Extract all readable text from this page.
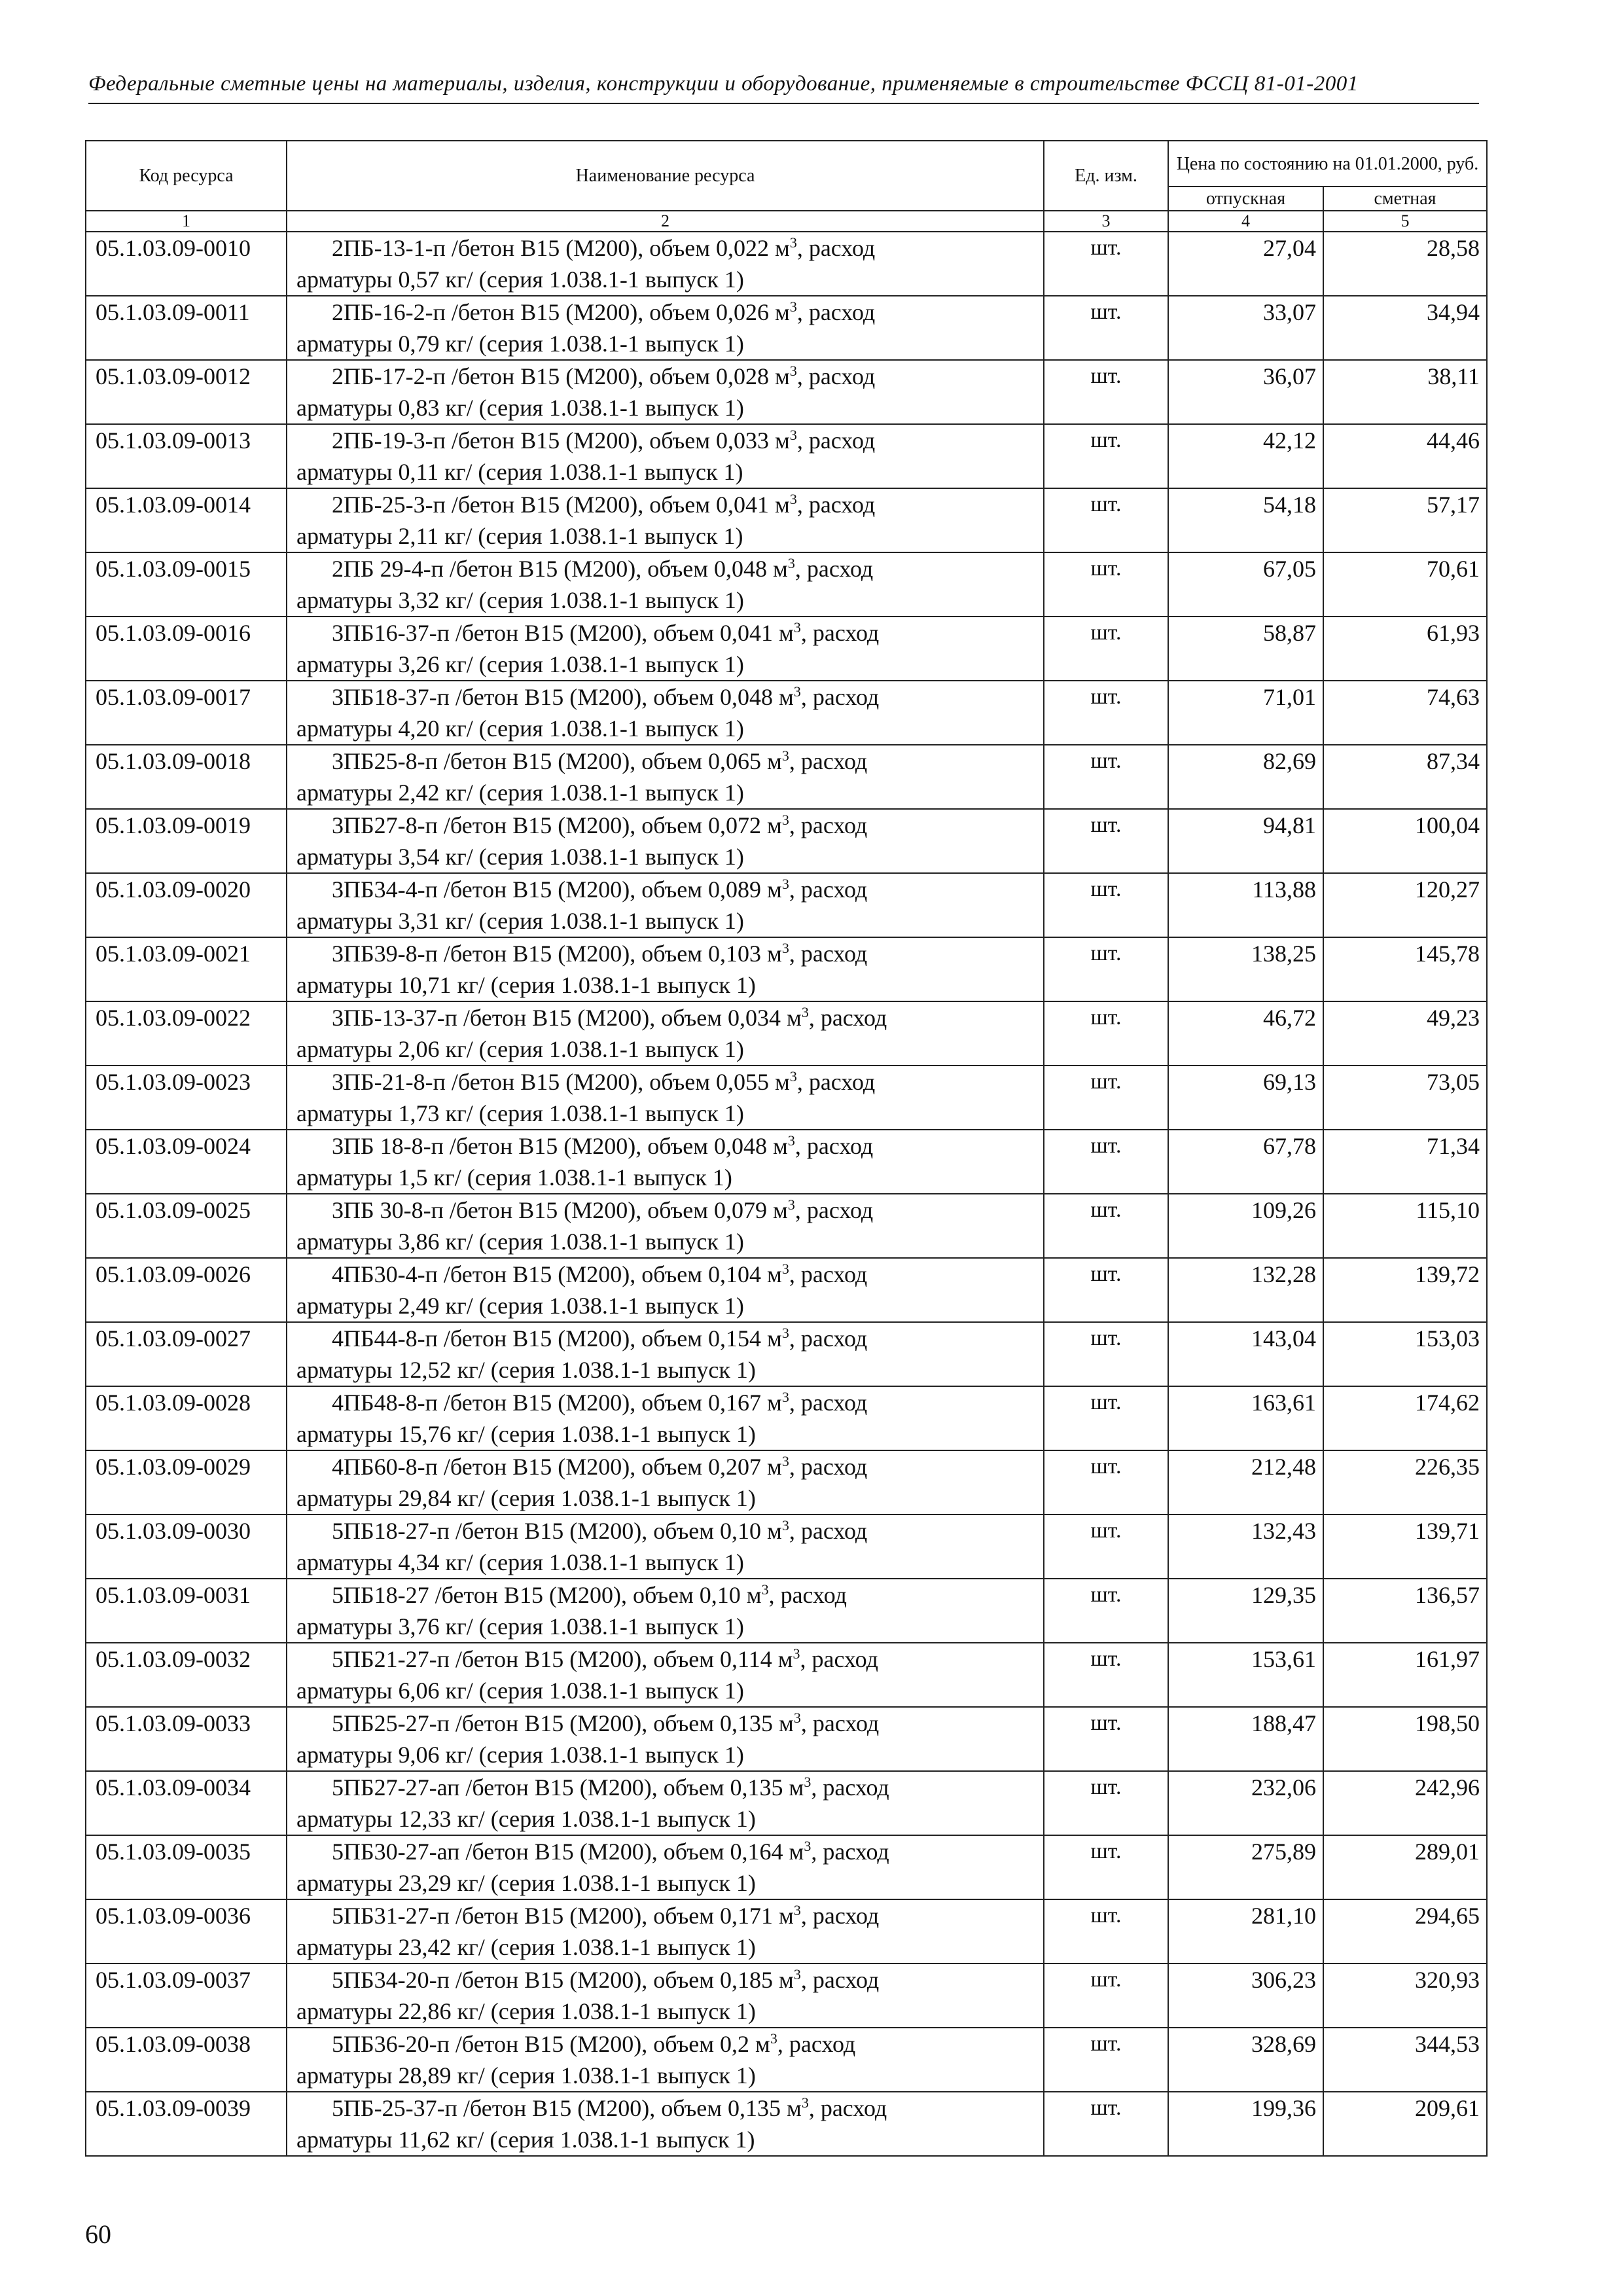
Федеральные сметные цены на материалы, изделия, конструкции и оборудование, применяемые в строительстве ФССЦ 81-01-2001
Код ресурса	Наименование ресурса	Ед. изм.	Цена по состоянию на 01.01.2000, руб.	
			отпускная	сметная
1	2	3	4	5
05.1.03.09-0010	2ПБ-13-1-п /бетон В15 (М200), объем 0,022 $м^3$, расход
арматуры 0,57 кг/ (серия 1.038.1-1 выпуск 1)	шт.	27,04	28,58
05.1.03.09-0011	2ПБ-16-2-п /бетон В15 (М200), объем 0,026 $м^3$, расход
арматуры 0,79 кг/ (серия 1.038.1-1 выпуск 1)	шт.	33,07	34,94
05.1.03.09-0012	2ПБ-17-2-п /бетон В15 (М200), объем 0,028 $м^3$, расход
арматуры 0,83 кг/ (серия 1.038.1-1 выпуск 1)	шт.	36,07	38,11
05.1.03.09-0013	2ПБ-19-3-п /бетон В15 (М200), объем 0,033 $м^3$, расход
арматуры 0,11 кг/ (серия 1.038.1-1 выпуск 1)	шт.	42,12	44,46
05.1.03.09-0014	2ПБ-25-3-п /бетон В15 (М200), объем 0,041 $м^3$, расход
арматуры 2,11 кг/ (серия 1.038.1-1 выпуск 1)	шт.	54,18	57,17
05.1.03.09-0015	2ПБ 29-4-п /бетон В15 (М200), объем 0,048 $м^3$, расход
арматуры 3,32 кг/ (серия 1.038.1-1 выпуск 1)	шт.	67,05	70,61
05.1.03.09-0016	3ПБ16-37-п /бетон В15 (М200), объем 0,041 $м^3$, расход
арматуры 3,26 кг/ (серия 1.038.1-1 выпуск 1)	шт.	58,87	61,93
05.1.03.09-0017	3ПБ18-37-п /бетон В15 (М200), объем 0,048 $м^3$, расход
арматуры 4,20 кг/ (серия 1.038.1-1 выпуск 1)	шт.	71,01	74,63
05.1.03.09-0018	3ПБ25-8-п /бетон В15 (М200), объем 0,065 $м^3$, расход
арматуры 2,42 кг/ (серия 1.038.1-1 выпуск 1)	шт.	82,69	87,34
05.1.03.09-0019	3ПБ27-8-п /бетон В15 (М200), объем 0,072 $м^3$, расход
арматуры 3,54 кг/ (серия 1.038.1-1 выпуск 1)	шт.	94,81	100,04
05.1.03.09-0020	3ПБ34-4-п /бетон В15 (М200), объем 0,089 $м^3$, расход
арматуры 3,31 кг/ (серия 1.038.1-1 выпуск 1)	шт.	113,88	120,27
05.1.03.09-0021	3ПБ39-8-п /бетон В15 (М200), объем 0,103 $м^3$, расход
арматуры 10,71 кг/ (серия 1.038.1-1 выпуск 1)	шт.	138,25	145,78
05.1.03.09-0022	3ПБ-13-37-п /бетон В15 (М200), объем 0,034 $м^3$, расход
арматуры 2,06 кг/ (серия 1.038.1-1 выпуск 1)	шт.	46,72	49,23
05.1.03.09-0023	3ПБ-21-8-п /бетон В15 (М200), объем 0,055 $м^3$, расход
арматуры 1,73 кг/ (серия 1.038.1-1 выпуск 1)	шт.	69,13	73,05
05.1.03.09-0024	3ПБ 18-8-п /бетон В15 (М200), объем 0,048 $м^3$, расход
арматуры 1,5 кг/ (серия 1.038.1-1 выпуск 1)	шт.	67,78	71,34
05.1.03.09-0025	3ПБ 30-8-п /бетон В15 (М200), объем 0,079 $м^3$, расход
арматуры 3,86 кг/ (серия 1.038.1-1 выпуск 1)	шт.	109,26	115,10
05.1.03.09-0026	4ПБ30-4-п /бетон В15 (М200), объем 0,104 $м^3$, расход
арматуры 2,49 кг/ (серия 1.038.1-1 выпуск 1)	шт.	132,28	139,72
05.1.03.09-0027	4ПБ44-8-п /бетон В15 (М200), объем 0,154 $м^3$, расход
арматуры 12,52 кг/ (серия 1.038.1-1 выпуск 1)	шт.	143,04	153,03
05.1.03.09-0028	4ПБ48-8-п /бетон В15 (М200), объем 0,167 $м^3$, расход
арматуры 15,76 кг/ (серия 1.038.1-1 выпуск 1)	шт.	163,61	174,62
05.1.03.09-0029	4ПБ60-8-п /бетон В15 (М200), объем 0,207 $м^3$, расход
арматуры 29,84 кг/ (серия 1.038.1-1 выпуск 1)	шт.	212,48	226,35
05.1.03.09-0030	5ПБ18-27-п /бетон В15 (М200), объем 0,10 $м^3$, расход
арматуры 4,34 кг/ (серия 1.038.1-1 выпуск 1)	шт.	132,43	139,71
05.1.03.09-0031	5ПБ18-27 /бетон В15 (М200), объем 0,10 $м^3$, расход
арматуры 3,76 кг/ (серия 1.038.1-1 выпуск 1)	шт.	129,35	136,57
05.1.03.09-0032	5ПБ21-27-п /бетон В15 (М200), объем 0,114 $м^3$, расход
арматуры 6,06 кг/ (серия 1.038.1-1 выпуск 1)	шт.	153,61	161,97
05.1.03.09-0033	5ПБ25-27-п /бетон В15 (М200), объем 0,135 $м^3$, расход
арматуры 9,06 кг/ (серия 1.038.1-1 выпуск 1)	шт.	188,47	198,50
05.1.03.09-0034	5ПБ27-27-ап /бетон В15 (М200), объем 0,135 $м^3$, расход
арматуры 12,33 кг/ (серия 1.038.1-1 выпуск 1)	шт.	232,06	242,96
05.1.03.09-0035	5ПБ30-27-ап /бетон В15 (М200), объем 0,164 $м^3$, расход
арматуры 23,29 кг/ (серия 1.038.1-1 выпуск 1)	шт.	275,89	289,01
05.1.03.09-0036	5ПБ31-27-п /бетон В15 (М200), объем 0,171 $м^3$, расход
арматуры 23,42 кг/ (серия 1.038.1-1 выпуск 1)	шт.	281,10	294,65
05.1.03.09-0037	5ПБ34-20-п /бетон В15 (М200), объем 0,185 $м^3$, расход
арматуры 22,86 кг/ (серия 1.038.1-1 выпуск 1)	шт.	306,23	320,93
05.1.03.09-0038	5ПБ36-20-п /бетон В15 (М200), объем 0,2 $м^3$, расход
арматуры 28,89 кг/ (серия 1.038.1-1 выпуск 1)	шт.	328,69	344,53
05.1.03.09-0039	5ПБ-25-37-п /бетон В15 (М200), объем 0,135 $м^3$, расход
арматуры 11,62 кг/ (серия 1.038.1-1 выпуск 1)	шт.	199,36	209,61
60
